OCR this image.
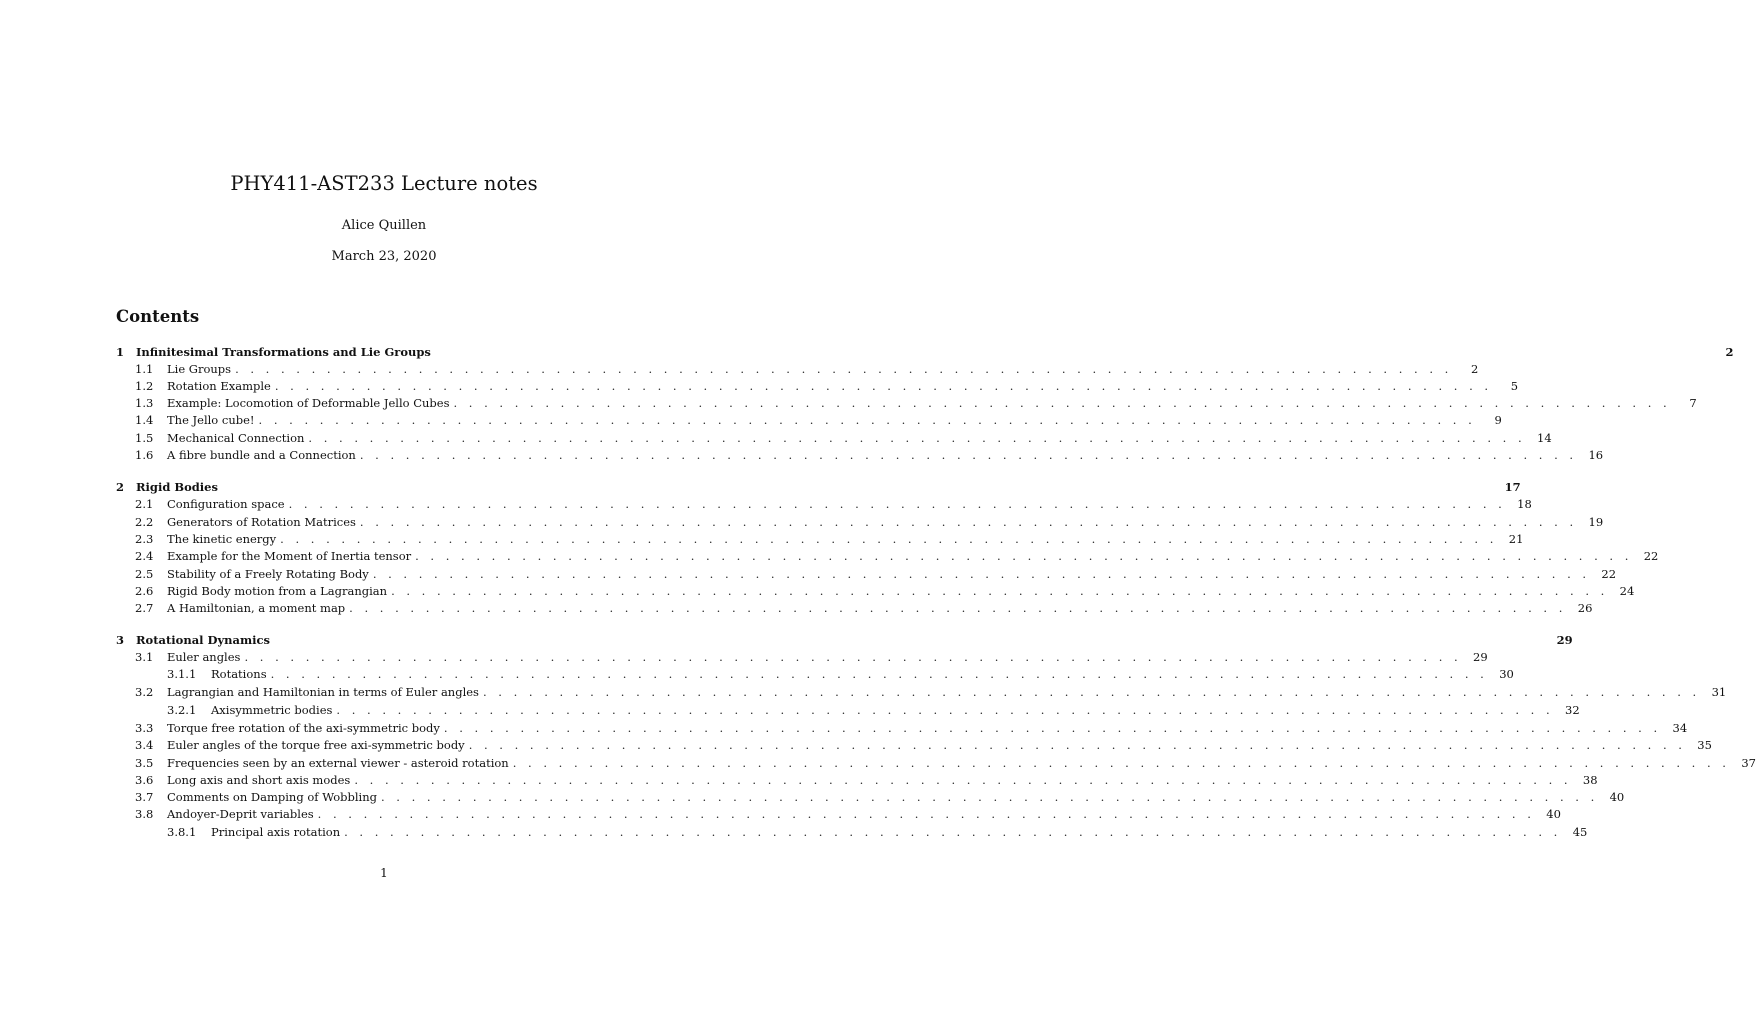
PHY411-AST233 Lecture notes
Alice Quillen
March 23, 2020
Contents
1 Infinitesimal Transformations and Lie Groups	2
1.1 Lie Groups . . . . . . . . . . . . . . . . . . . . . . . . . . . . . . . . . . . . . . . . . . . . . . . . . . . . . . . . . . . . . . . . . . . . . . . . . . . . . . . .	2
1.2 Rotation Example . . . . . . . . . . . . . . . . . . . . . . . . . . . . . . . . . . . . . . . . . . . . . . . . . . . . . . . . . . . . . . . . . . . . . . . . . . . . . . . .	5
1.3 Example: Locomotion of Deformable Jello Cubes . . . . . . . . . . . . . . . . . . . . . . . . . . . . . . . . . . . . . . . . . . . . . . . . . . . . . . . . . . . . . . . . . . . . . . . . . . . . . . . .	7
1.4 The Jello cube! . . . . . . . . . . . . . . . . . . . . . . . . . . . . . . . . . . . . . . . . . . . . . . . . . . . . . . . . . . . . . . . . . . . . . . . . . . . . . . . .	9
1.5 Mechanical Connection . . . . . . . . . . . . . . . . . . . . . . . . . . . . . . . . . . . . . . . . . . . . . . . . . . . . . . . . . . . . . . . . . . . . . . . . . . . . . . . . 14
1.6 A fibre bundle and a Connection . . . . . . . . . . . . . . . . . . . . . . . . . . . . . . . . . . . . . . . . . . . . . . . . . . . . . . . . . . . . . . . . . . . . . . . . . . . . . . . . 16
2 Rigid Bodies	17
2.1 Configuration space . . . . . . . . . . . . . . . . . . . . . . . . . . . . . . . . . . . . . . . . . . . . . . . . . . . . . . . . . . . . . . . . . . . . . . . . . . . . . . . . 18
2.2 Generators of Rotation Matrices . . . . . . . . . . . . . . . . . . . . . . . . . . . . . . . . . . . . . . . . . . . . . . . . . . . . . . . . . . . . . . . . . . . . . . . . . . . . . . . . 19
2.3 The kinetic energy . . . . . . . . . . . . . . . . . . . . . . . . . . . . . . . . . . . . . . . . . . . . . . . . . . . . . . . . . . . . . . . . . . . . . . . . . . . . . . . . 21
2.4 Example for the Moment of Inertia tensor . . . . . . . . . . . . . . . . . . . . . . . . . . . . . . . . . . . . . . . . . . . . . . . . . . . . . . . . . . . . . . . . . . . . . . . . . . . . . . . . 22
2.5 Stability of a Freely Rotating Body . . . . . . . . . . . . . . . . . . . . . . . . . . . . . . . . . . . . . . . . . . . . . . . . . . . . . . . . . . . . . . . . . . . . . . . . . . . . . . . . 22
2.6 Rigid Body motion from a Lagrangian . . . . . . . . . . . . . . . . . . . . . . . . . . . . . . . . . . . . . . . . . . . . . . . . . . . . . . . . . . . . . . . . . . . . . . . . . . . . . . . . 24
2.7 A Hamiltonian, a moment map . . . . . . . . . . . . . . . . . . . . . . . . . . . . . . . . . . . . . . . . . . . . . . . . . . . . . . . . . . . . . . . . . . . . . . . . . . . . . . . . 26
3 Rotational Dynamics	29
3.1 Euler angles . . . . . . . . . . . . . . . . . . . . . . . . . . . . . . . . . . . . . . . . . . . . . . . . . . . . . . . . . . . . . . . . . . . . . . . . . . . . . . . . 29
3.1.1 Rotations . . . . . . . . . . . . . . . . . . . . . . . . . . . . . . . . . . . . . . . . . . . . . . . . . . . . . . . . . . . . . . . . . . . . . . . . . . . . . . . . 30
3.2 Lagrangian and Hamiltonian in terms of Euler angles . . . . . . . . . . . . . . . . . . . . . . . . . . . . . . . . . . . . . . . . . . . . . . . . . . . . . . . . . . . . . . . . . . . . . . . . . . . . . . . . 31
3.2.1 Axisymmetric bodies . . . . . . . . . . . . . . . . . . . . . . . . . . . . . . . . . . . . . . . . . . . . . . . . . . . . . . . . . . . . . . . . . . . . . . . . . . . . . . . . 32
3.3 Torque free rotation of the axi-symmetric body . . . . . . . . . . . . . . . . . . . . . . . . . . . . . . . . . . . . . . . . . . . . . . . . . . . . . . . . . . . . . . . . . . . . . . . . . . . . . . . . 34
3.4 Euler angles of the torque free axi-symmetric body . . . . . . . . . . . . . . . . . . . . . . . . . . . . . . . . . . . . . . . . . . . . . . . . . . . . . . . . . . . . . . . . . . . . . . . . . . . . . . . . 35
3.5 Frequencies seen by an external viewer - asteroid rotation . . . . . . . . . . . . . . . . . . . . . . . . . . . . . . . . . . . . . . . . . . . . . . . . . . . . . . . . . . . . . . . . . . . . . . . . . . . . . . . . 37
3.6 Long axis and short axis modes . . . . . . . . . . . . . . . . . . . . . . . . . . . . . . . . . . . . . . . . . . . . . . . . . . . . . . . . . . . . . . . . . . . . . . . . . . . . . . . . 38
3.7 Comments on Damping of Wobbling . . . . . . . . . . . . . . . . . . . . . . . . . . . . . . . . . . . . . . . . . . . . . . . . . . . . . . . . . . . . . . . . . . . . . . . . . . . . . . . . 40
3.8 Andoyer-Deprit variables . . . . . . . . . . . . . . . . . . . . . . . . . . . . . . . . . . . . . . . . . . . . . . . . . . . . . . . . . . . . . . . . . . . . . . . . . . . . . . . . 40
3.8.1 Principal axis rotation . . . . . . . . . . . . . . . . . . . . . . . . . . . . . . . . . . . . . . . . . . . . . . . . . . . . . . . . . . . . . . . . . . . . . . . . . . . . . . . . 45
1
